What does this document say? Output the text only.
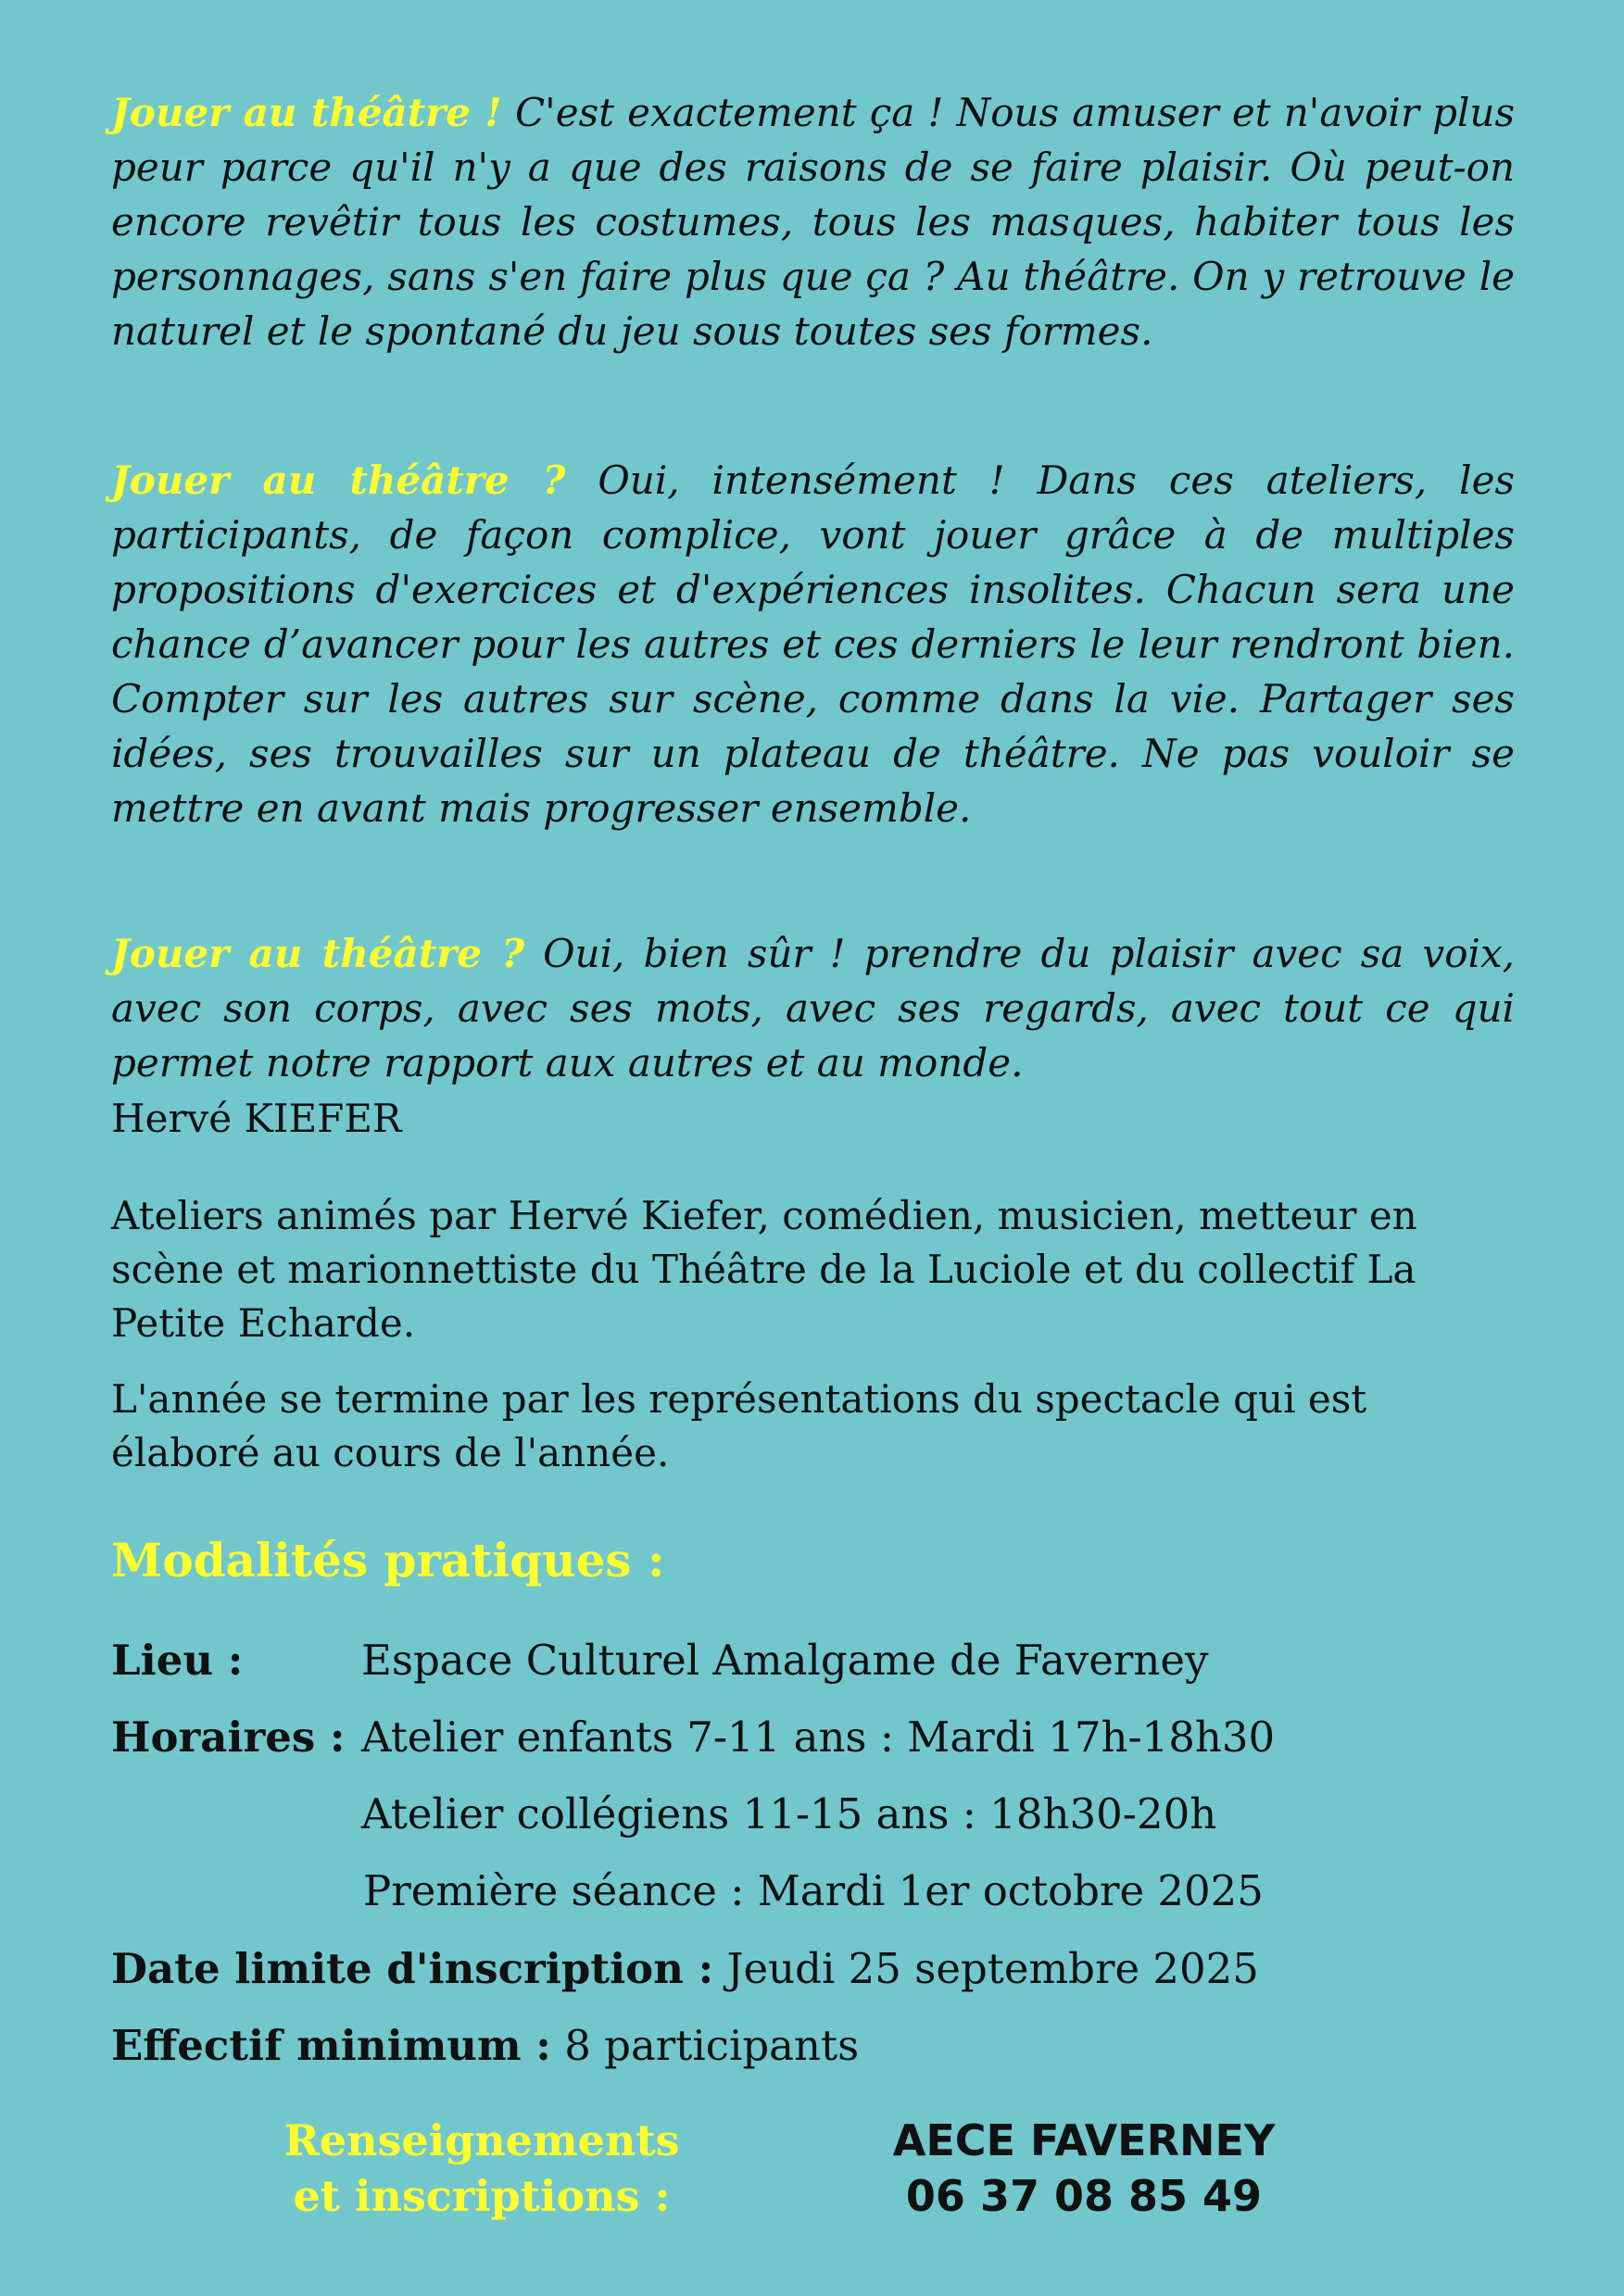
Jouer au théâtre ! C'est exactement ça ! Nous amuser et n'avoir plus peur parce qu'il n'y a que des raisons de se faire plaisir. Où peut-on encore revêtir tous les costumes, tous les masques, habiter tous les personnages, sans s'en faire plus que ça ? Au théâtre. On y retrouve le naturel et le spontané du jeu sous toutes ses formes.

Jouer au théâtre ? Oui, intensément ! Dans ces ateliers, les participants, de façon complice, vont jouer grâce à de multiples propositions d'exercices et d'expériences insolites. Chacun sera une chance d’avancer pour les autres et ces derniers le leur rendront bien. Compter sur les autres sur scène, comme dans la vie. Partager ses idées, ses trouvailles sur un plateau de théâtre. Ne pas vouloir se mettre en avant mais progresser ensemble.

Jouer au théâtre ? Oui, bien sûr ! prendre du plaisir avec sa voix, avec son corps, avec ses mots, avec ses regards, avec tout ce qui permet notre rapport aux autres et au monde.

Hervé KIEFER

Ateliers animés par Hervé Kiefer, comédien, musicien, metteur en scène et marionnettiste du Théâtre de la Luciole et du collectif La Petite Echarde.

L'année se termine par les représentations du spectacle qui est élaboré au cours de l'année.

Modalités pratiques :
Lieu :	Espace Culturel Amalgame de Faverney
Horaires : Atelier enfants 7-11 ans : Mardi 17h-18h30
Atelier collégiens 11-15 ans : 18h30-20h
Première séance : Mardi 1er octobre 2025
Date limite d'inscription : Jeudi 25 septembre 2025
Effectif minimum : 8 participants
Renseignements
et inscriptions :
AECE FAVERNEY
06 37 08 85 49
